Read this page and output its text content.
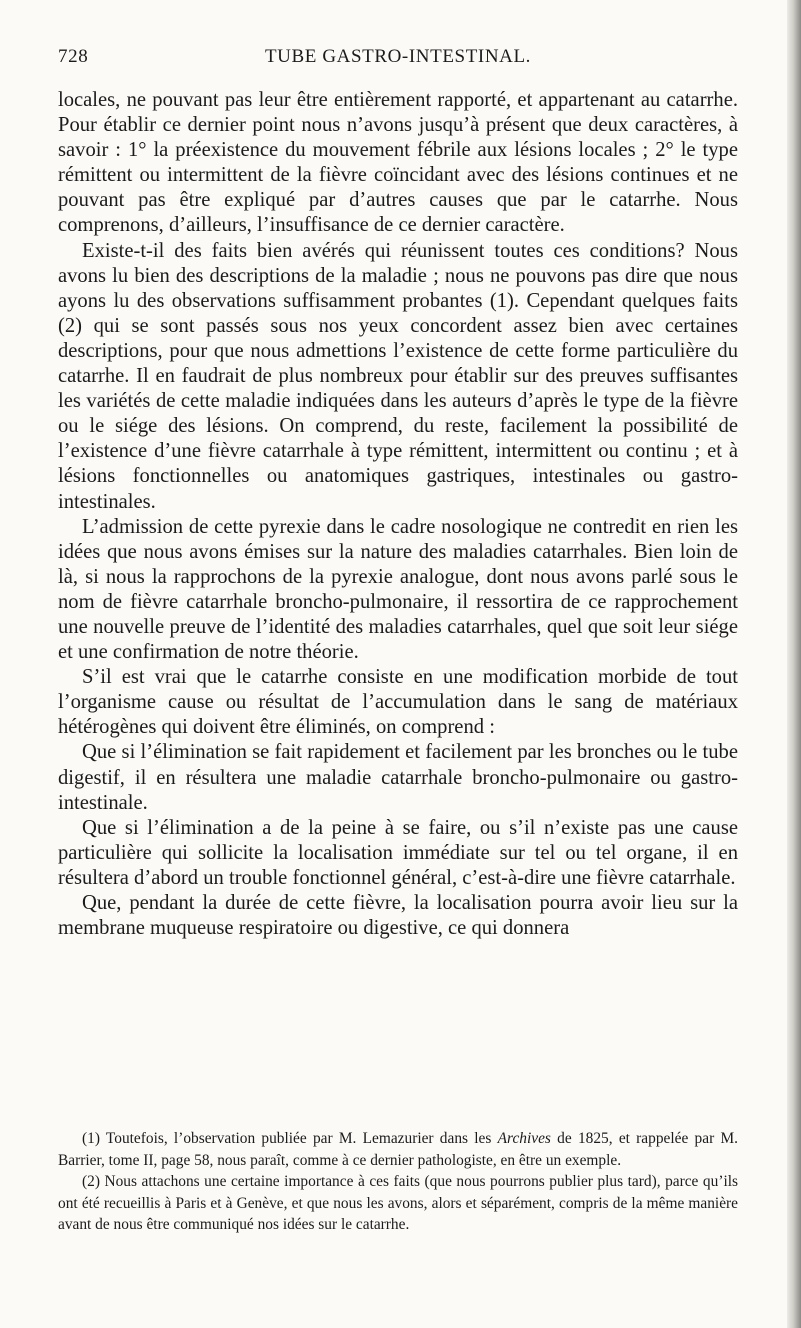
728	TUBE GASTRO-INTESTINAL.

locales, ne pouvant pas leur être entièrement rapporté, et appartenant au catarrhe. Pour établir ce dernier point nous n’avons jusqu’à présent que deux caractères, à savoir : 1° la préexistence du mouvement fébrile aux lésions locales ; 2° le type rémittent ou intermittent de la fièvre coïncidant avec des lésions continues et ne pouvant pas être expliqué par d’autres causes que par le catarrhe. Nous comprenons, d’ailleurs, l’insuffisance de ce dernier caractère.

Existe-t-il des faits bien avérés qui réunissent toutes ces conditions? Nous avons lu bien des descriptions de la maladie ; nous ne pouvons pas dire que nous ayons lu des observations suffisamment probantes (1). Cependant quelques faits (2) qui se sont passés sous nos yeux concordent assez bien avec certaines descriptions, pour que nous admettions l’existence de cette forme particulière du catarrhe. Il en faudrait de plus nombreux pour établir sur des preuves suffisantes les variétés de cette maladie indiquées dans les auteurs d’après le type de la fièvre ou le siége des lésions. On comprend, du reste, facilement la possibilité de l’existence d’une fièvre catarrhale à type rémittent, intermittent ou continu ; et à lésions fonctionnelles ou anatomiques gastriques, intestinales ou gastro-intestinales.

L’admission de cette pyrexie dans le cadre nosologique ne contredit en rien les idées que nous avons émises sur la nature des maladies catarrhales. Bien loin de là, si nous la rapprochons de la pyrexie analogue, dont nous avons parlé sous le nom de fièvre catarrhale broncho-pulmonaire, il ressortira de ce rapprochement une nouvelle preuve de l’identité des maladies catarrhales, quel que soit leur siége et une confirmation de notre théorie.

S’il est vrai que le catarrhe consiste en une modification morbide de tout l’organisme cause ou résultat de l’accumulation dans le sang de matériaux hétérogènes qui doivent être éliminés, on comprend :

Que si l’élimination se fait rapidement et facilement par les bronches ou le tube digestif, il en résultera une maladie catarrhale broncho-pulmonaire ou gastro-intestinale.

Que si l’élimination a de la peine à se faire, ou s’il n’existe pas une cause particulière qui sollicite la localisation immédiate sur tel ou tel organe, il en résultera d’abord un trouble fonctionnel général, c’est-à-dire une fièvre catarrhale.

Que, pendant la durée de cette fièvre, la localisation pourra avoir lieu sur la membrane muqueuse respiratoire ou digestive, ce qui donnera

(1) Toutefois, l’observation publiée par M. Lemazurier dans les Archives de 1825, et rappelée par M. Barrier, tome II, page 58, nous paraît, comme à ce dernier pathologiste, en être un exemple.

(2) Nous attachons une certaine importance à ces faits (que nous pourrons publier plus tard), parce qu’ils ont été recueillis à Paris et à Genève, et que nous les avons, alors et séparément, compris de la même manière avant de nous être communiqué nos idées sur le catarrhe.
